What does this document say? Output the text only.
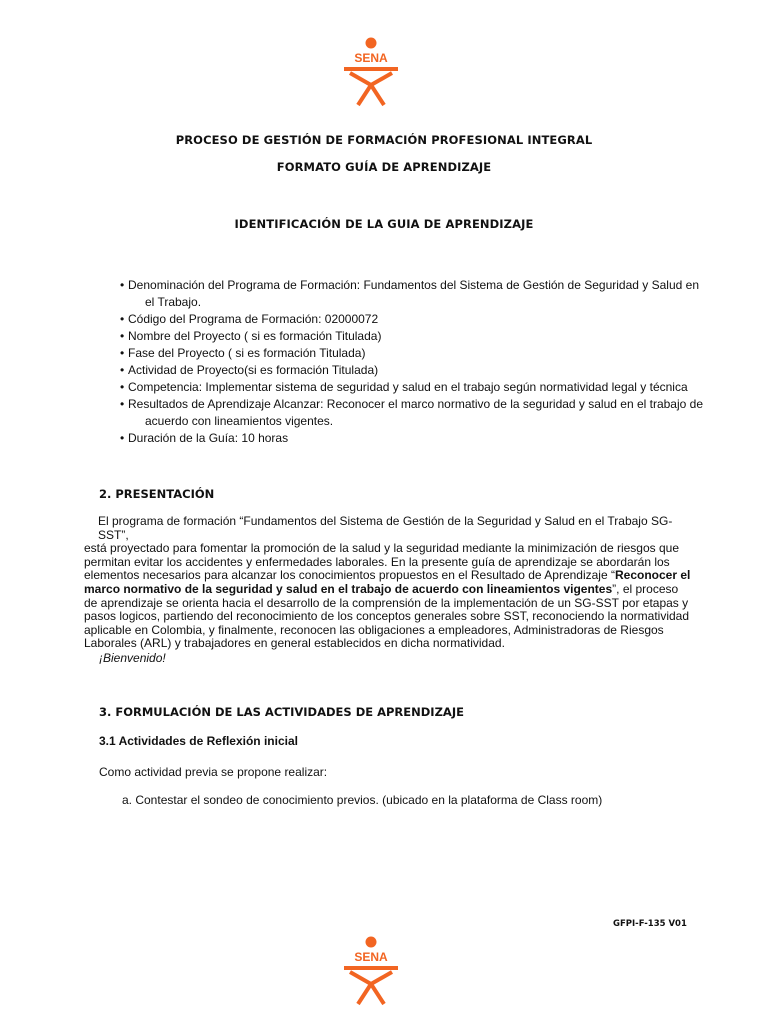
SENA
PROCESO DE GESTIÓN DE FORMACIÓN PROFESIONAL INTEGRAL
FORMATO GUÍA DE APRENDIZAJE
IDENTIFICACIÓN DE LA GUIA DE APRENDIZAJE
• Denominación del Programa de Formación: Fundamentos del Sistema de Gestión de Seguridad y Salud en
el Trabajo.
• Código del Programa de Formación: 02000072
• Nombre del Proyecto ( si es formación Titulada)
• Fase del Proyecto ( si es formación Titulada)
• Actividad de Proyecto(si es formación Titulada)
• Competencia: Implementar sistema de seguridad y salud en el trabajo según normatividad legal y técnica
• Resultados de Aprendizaje Alcanzar: Reconocer el marco normativo de la seguridad y salud en el trabajo de
acuerdo con lineamientos vigentes.
• Duración de la Guía: 10 horas
2. PRESENTACIÓN
El programa de formación “Fundamentos del Sistema de Gestión de la Seguridad y Salud en el Trabajo SG- SST”,
está proyectado para fomentar la promoción de la salud y la seguridad mediante la minimización de riesgos que
permitan evitar los accidentes y enfermedades laborales. En la presente guía de aprendizaje se abordarán los
elementos necesarios para alcanzar los conocimientos propuestos en el Resultado de Aprendizaje “Reconocer el
marco normativo de la seguridad y salud en el trabajo de acuerdo con lineamientos vigentes”, el proceso
de aprendizaje se orienta hacia el desarrollo de la comprensión de la implementación de un SG-SST por etapas y
pasos logicos, partiendo del reconocimiento de los conceptos generales sobre SST, reconociendo la normatividad
aplicable en Colombia, y finalmente, reconocen las obligaciones a empleadores, Administradoras de Riesgos
Laborales (ARL) y trabajadores en general establecidos en dicha normatividad.
¡Bienvenido!
3. FORMULACIÓN DE LAS ACTIVIDADES DE APRENDIZAJE
3.1 Actividades de Reflexión inicial
Como actividad previa se propone realizar:
a. Contestar el sondeo de conocimiento previos. (ubicado en la plataforma de Class room)
GFPI-F-135 V01
SENA
